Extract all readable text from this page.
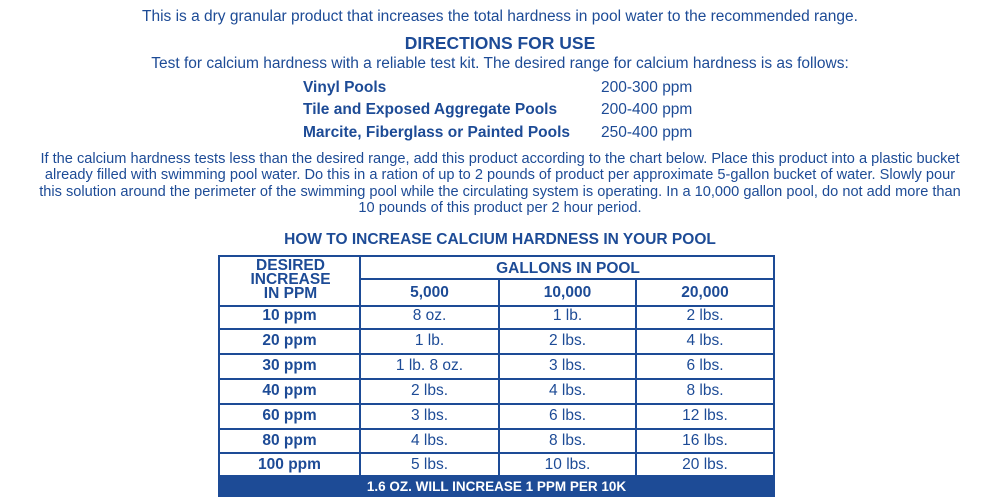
This is a dry granular product that increases the total hardness in pool water to the recommended range.
DIRECTIONS FOR USE
Test for calcium hardness with a reliable test kit. The desired range for calcium hardness is as follows:
Vinyl Pools	200-300 ppm
Tile and Exposed Aggregate Pools	200-400 ppm
Marcite, Fiberglass or Painted Pools 250-400 ppm
If the calcium hardness tests less than the desired range, add this product according to the chart below. Place this product into a plastic bucket
already filled with swimming pool water. Do this in a ration of up to 2 pounds of product per approximate 5-gallon bucket of water. Slowly pour
this solution around the perimeter of the swimming pool while the circulating system is operating. In a 10,000 gallon pool, do not add more than
10 pounds of this product per 2 hour period.
HOW TO INCREASE CALCIUM HARDNESS IN YOUR POOL
DESIRED
INCREASE
IN PPM
GALLONS IN POOL
5,000	10,000	20,000
10 ppm	8 oz.	1 lb.	2 lbs.
20 ppm	1 lb.	2 lbs.	4 lbs.
30 ppm	1 lb. 8 oz.	3 lbs.	6 lbs.
40 ppm	2 lbs.	4 lbs.	8 lbs.
60 ppm	3 lbs.	6 lbs.	12 lbs.
80 ppm	4 lbs.	8 lbs.	16 lbs.
100 ppm	5 lbs.	10 lbs.	20 lbs.
1.6 OZ. WILL INCREASE 1 PPM PER 10K
